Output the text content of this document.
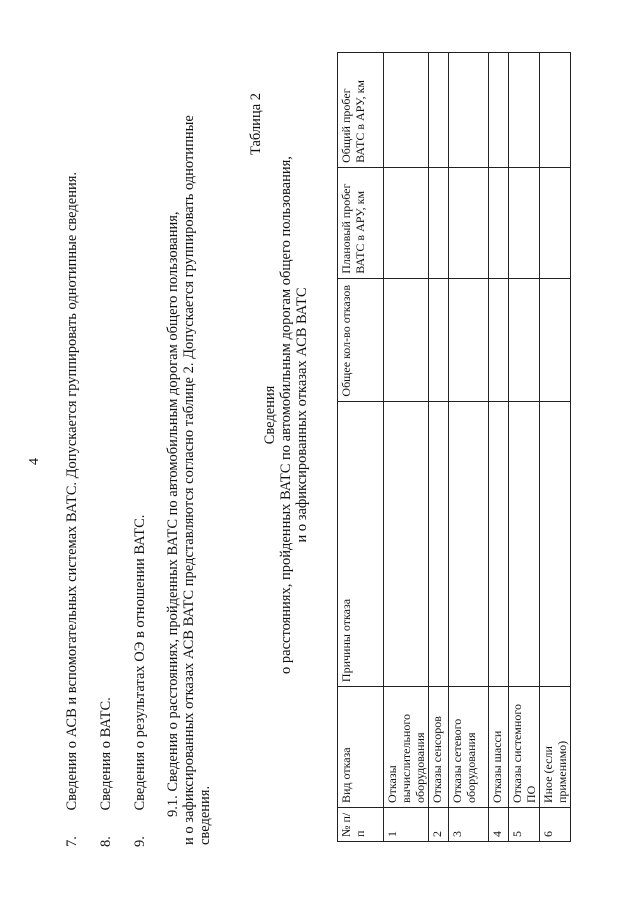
4
7. Сведения о АСВ и вспомогательных системах ВАТС. Допускается группировать однотипные сведения.
8. Сведения о ВАТС.
9. Сведения о результатах ОЭ в отношении ВАТС. 9.1. Сведения о расстояниях, пройденных ВАТС по автомобильным дорогам общего пользования, и о зафиксированных отказах АСВ ВАТС представляются согласно таблице 2. Допускается группировать однотипные сведения.
Таблица 2
Сведения о расстояниях, пройденных ВАТС по автомобильным дорогам общего пользования, и о зафиксированных отказах АСВ ВАТС
№ п/п	Вид отказа	Причины отказа	Общее кол-во отказов	Плановый пробег ВАТС в АРУ, км	Общий пробег ВАТС в АРУ, км
1	Отказы вычислительного оборудования				
2	Отказы сенсоров				
3	Отказы сетевого оборудования				
4	Отказы шасси				
5	Отказы системного ПО				
6	Иное (если применимо)				
